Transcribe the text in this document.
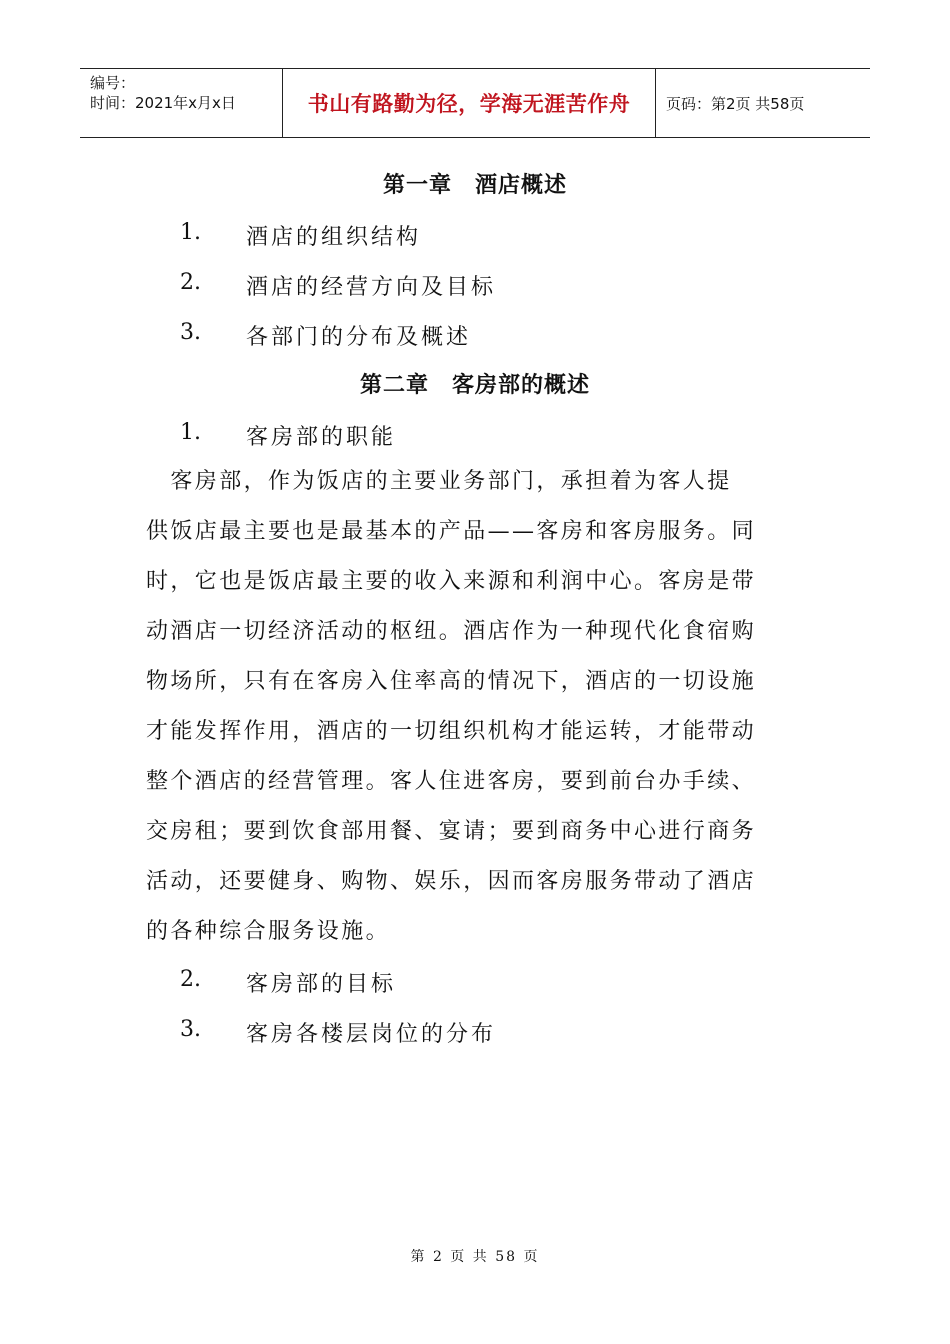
编号：
时间：2021年x月x日	书山有路勤为径，学海无涯苦作舟 页码：第2页 共58页
第一章　酒店概述
1. 酒店的组织结构
2. 酒店的经营方向及目标
3. 各部门的分布及概述
第二章　客房部的概述
1. 客房部的职能
　客房部，作为饭店的主要业务部门，承担着为客人提
供饭店最主要也是最基本的产品——客房和客房服务。同
时，它也是饭店最主要的收入来源和利润中心。客房是带
动酒店一切经济活动的枢纽。酒店作为一种现代化食宿购
物场所，只有在客房入住率高的情况下，酒店的一切设施
才能发挥作用，酒店的一切组织机构才能运转，才能带动
整个酒店的经营管理。客人住进客房，要到前台办手续、
交房租；要到饮食部用餐、宴请；要到商务中心进行商务
活动，还要健身、购物、娱乐，因而客房服务带动了酒店
的各种综合服务设施。
2. 客房部的目标
3. 客房各楼层岗位的分布
第 2 页 共 58 页
